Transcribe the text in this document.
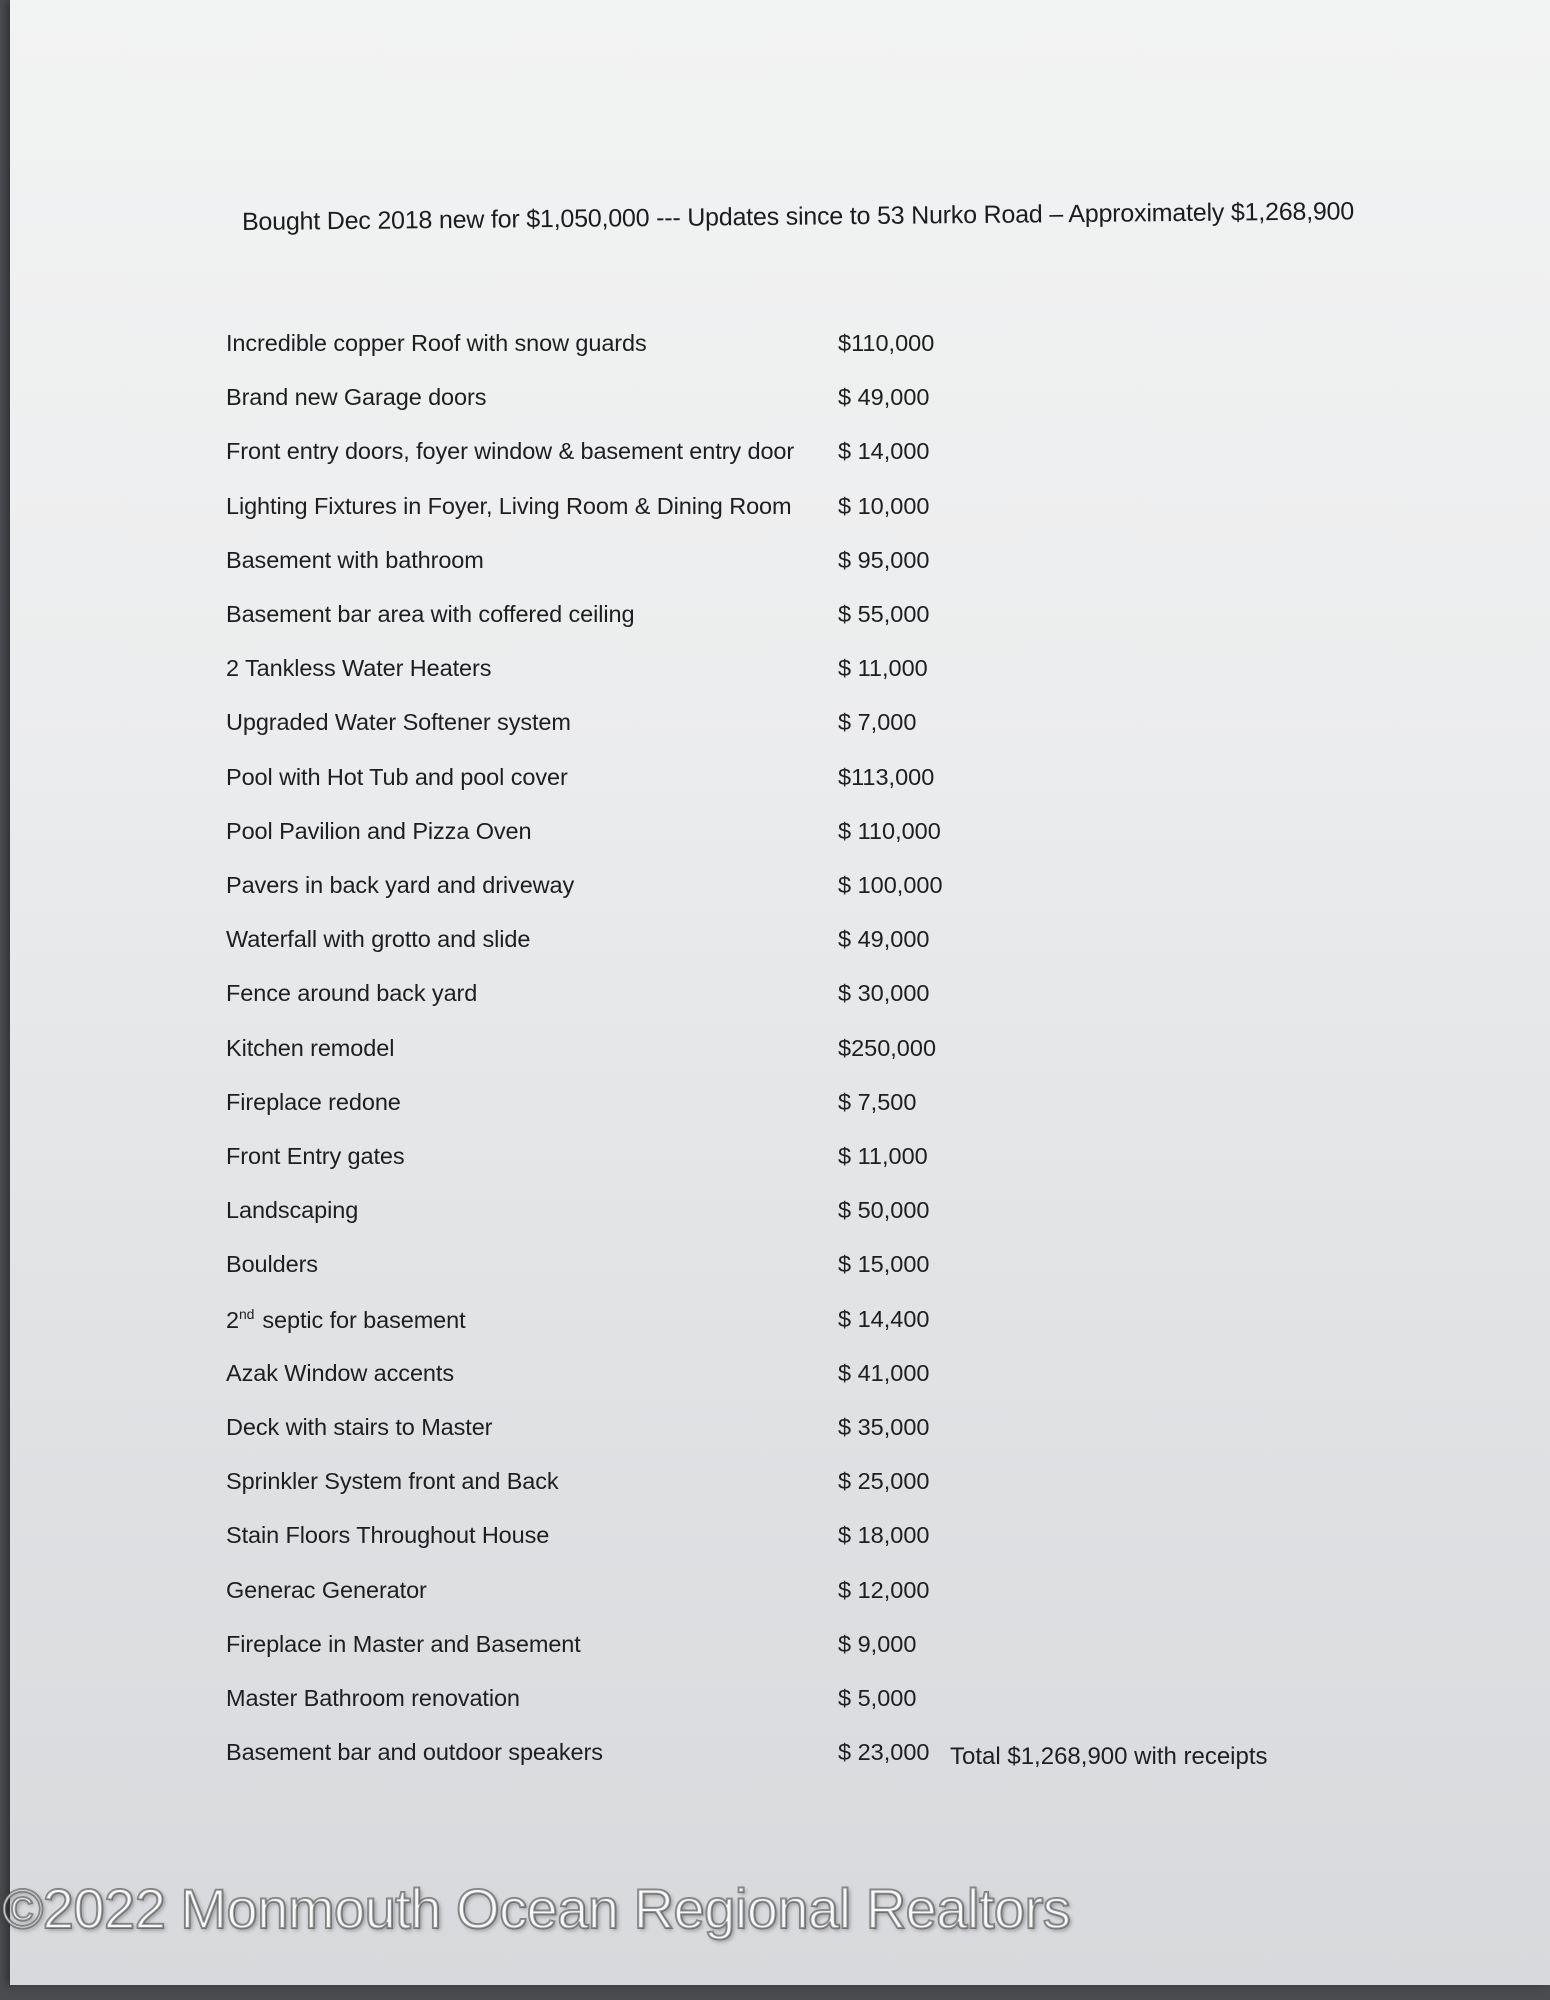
Bought Dec 2018 new for $1,050,000 --- Updates since to 53 Nurko Road – Approximately $1,268,900
Incredible copper Roof with snow guards	$110,000
Brand new Garage doors	$ 49,000
Front entry doors, foyer window & basement entry door $ 14,000
Lighting Fixtures in Foyer, Living Room & Dining Room $ 10,000
Basement with bathroom	$ 95,000
Basement bar area with coffered ceiling	$ 55,000
2 Tankless Water Heaters	$ 11,000
Upgraded Water Softener system	$ 7,000
Pool with Hot Tub and pool cover	$113,000
Pool Pavilion and Pizza Oven	$ 110,000
Pavers in back yard and driveway	$ 100,000
Waterfall with grotto and slide	$ 49,000
Fence around back yard	$ 30,000
Kitchen remodel	$250,000
Fireplace redone	$ 7,500
Front Entry gates	$ 11,000
Landscaping	$ 50,000
Boulders	$ 15,000
2nd septic for basement	$ 14,400
Azak Window accents	$ 41,000
Deck with stairs to Master	$ 35,000
Sprinkler System front and Back	$ 25,000
Stain Floors Throughout House	$ 18,000
Generac Generator	$ 12,000
Fireplace in Master and Basement	$ 9,000
Master Bathroom renovation	$ 5,000
Basement bar and outdoor speakers	$ 23,000 Total $1,268,900 with receipts
©2022 Monmouth Ocean Regional Realtors
